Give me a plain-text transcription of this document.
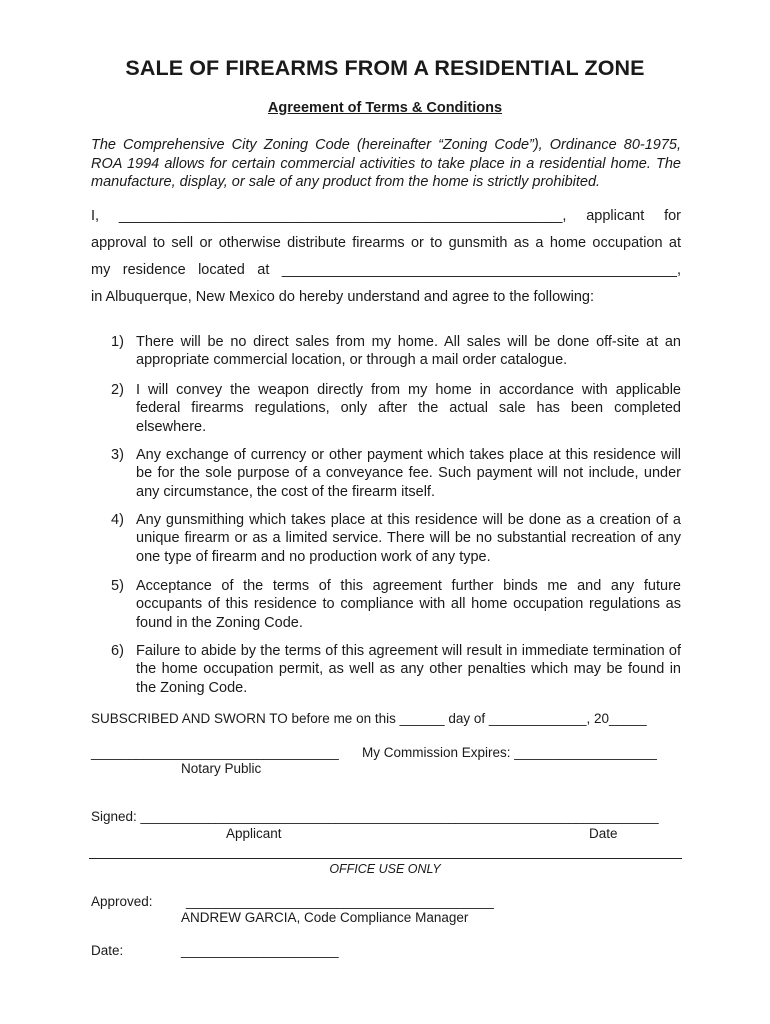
SALE OF FIREARMS FROM A RESIDENTIAL ZONE
Agreement of Terms & Conditions
The Comprehensive City Zoning Code (hereinafter “Zoning Code”), Ordinance 80-1975, ROA 1994 allows for certain commercial activities to take place in a residential home. The manufacture, display, or sale of any product from the home is strictly prohibited.
I, _______________________________________________________, applicant for
approval to sell or otherwise distribute firearms or to gunsmith as a home occupation at
my residence located at _________________________________________________,
in Albuquerque, New Mexico do hereby understand and agree to the following:
1) There will be no direct sales from my home. All sales will be done off-site at an appropriate commercial location, or through a mail order catalogue.
2) I will convey the weapon directly from my home in accordance with applicable federal firearms regulations, only after the actual sale has been completed elsewhere.
3) Any exchange of currency or other payment which takes place at this residence will be for the sole purpose of a conveyance fee. Such payment will not include, under any circumstance, the cost of the firearm itself.
4) Any gunsmithing which takes place at this residence will be done as a creation of a unique firearm or as a limited service. There will be no substantial recreation of any one type of firearm and no production work of any type.
5) Acceptance of the terms of this agreement further binds me and any future occupants of this residence to compliance with all home occupation regulations as found in the Zoning Code.
6) Failure to abide by the terms of this agreement will result in immediate termination of the home occupation permit, as well as any other penalties which may be found in the Zoning Code.
SUBSCRIBED AND SWORN TO before me on this ______ day of _____________, 20_____
_________________________________ My Commission Expires: ___________________
Notary Public
Signed: _____________________________________________________________________
Applicant	Date
OFFICE USE ONLY
Approved: _________________________________________
ANDREW GARCIA, Code Compliance Manager
Date:	_____________________
